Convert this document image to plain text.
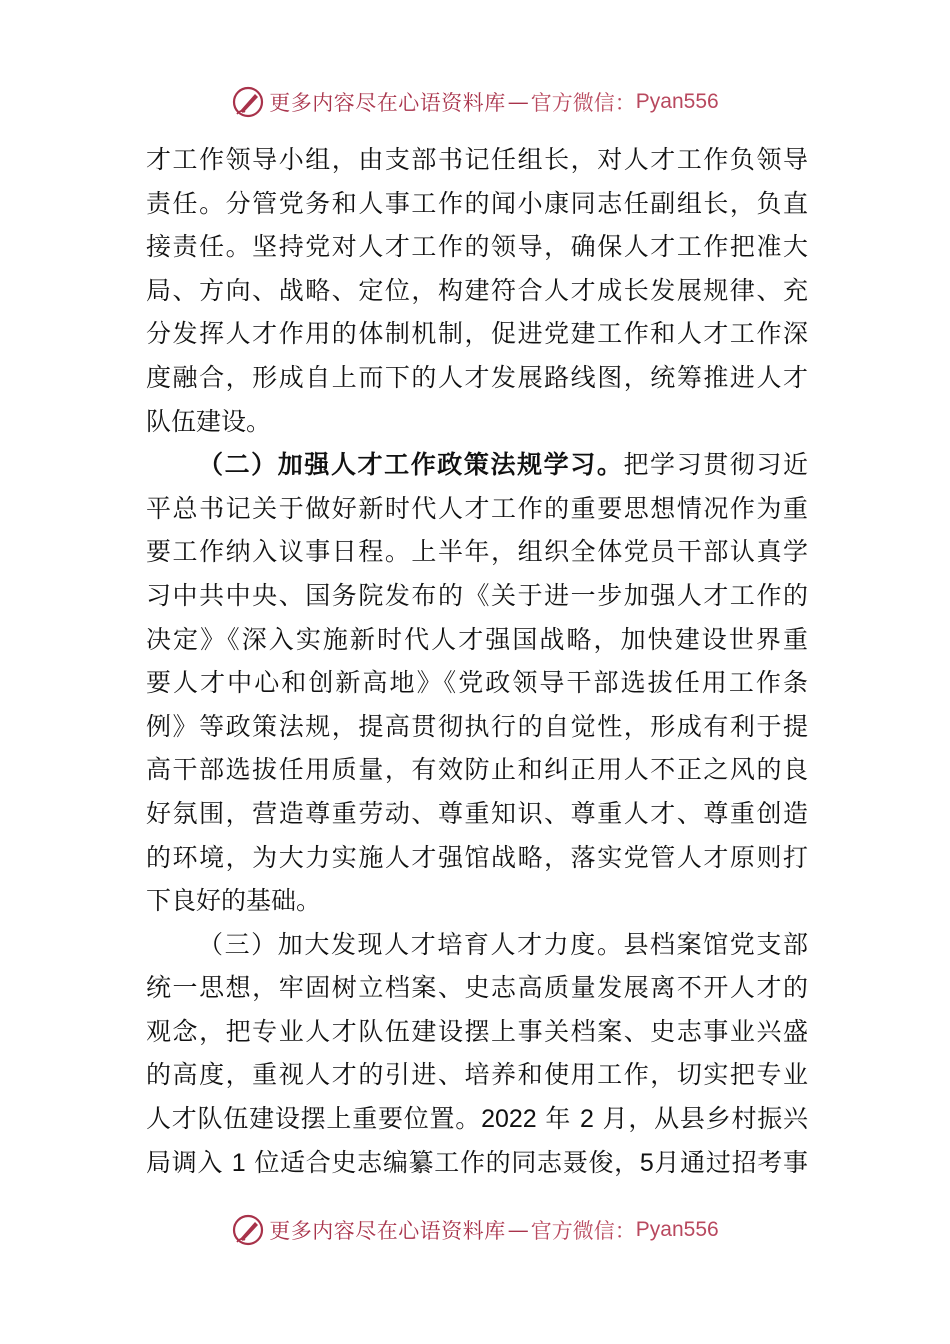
更多内容尽在心语资料库 — 官方微信： Pyan556
才工作领导小组，由支部书记任组长，对人才工作负领导
责任。分管党务和人事工作的闻小康同志任副组长，负直
接责任。坚持党对人才工作的领导，确保人才工作把准大
局、方向、战略、定位，构建符合人才成长发展规律、充
分发挥人才作用的体制机制，促进党建工作和人才工作深
度融合，形成自上而下的人才发展路线图，统筹推进人才
队伍建设。
（二）加强人才工作政策法规学习。把学习贯彻习近
平总书记关于做好新时代人才工作的重要思想情况作为重
要工作纳入议事日程。上半年，组织全体党员干部认真学
习中共中央、国务院发布的《关于进一步加强人才工作的
决定》《深入实施新时代人才强国战略，加快建设世界重
要人才中心和创新高地》《党政领导干部选拔任用工作条
例》等政策法规，提高贯彻执行的自觉性，形成有利于提
高干部选拔任用质量，有效防止和纠正用人不正之风的良
好氛围，营造尊重劳动、尊重知识、尊重人才、尊重创造
的环境，为大力实施人才强馆战略，落实党管人才原则打
下良好的基础。
（三）加大发现人才培育人才力度。县档案馆党支部
统一思想，牢固树立档案、史志高质量发展离不开人才的
观念，把专业人才队伍建设摆上事关档案、史志事业兴盛
的高度，重视人才的引进、培养和使用工作，切实把专业
人才队伍建设摆上重要位置。2022 年 2 月，从县乡村振兴
局调入 1 位适合史志编纂工作的同志聂俊，5月通过招考事
更多内容尽在心语资料库 — 官方微信： Pyan556
